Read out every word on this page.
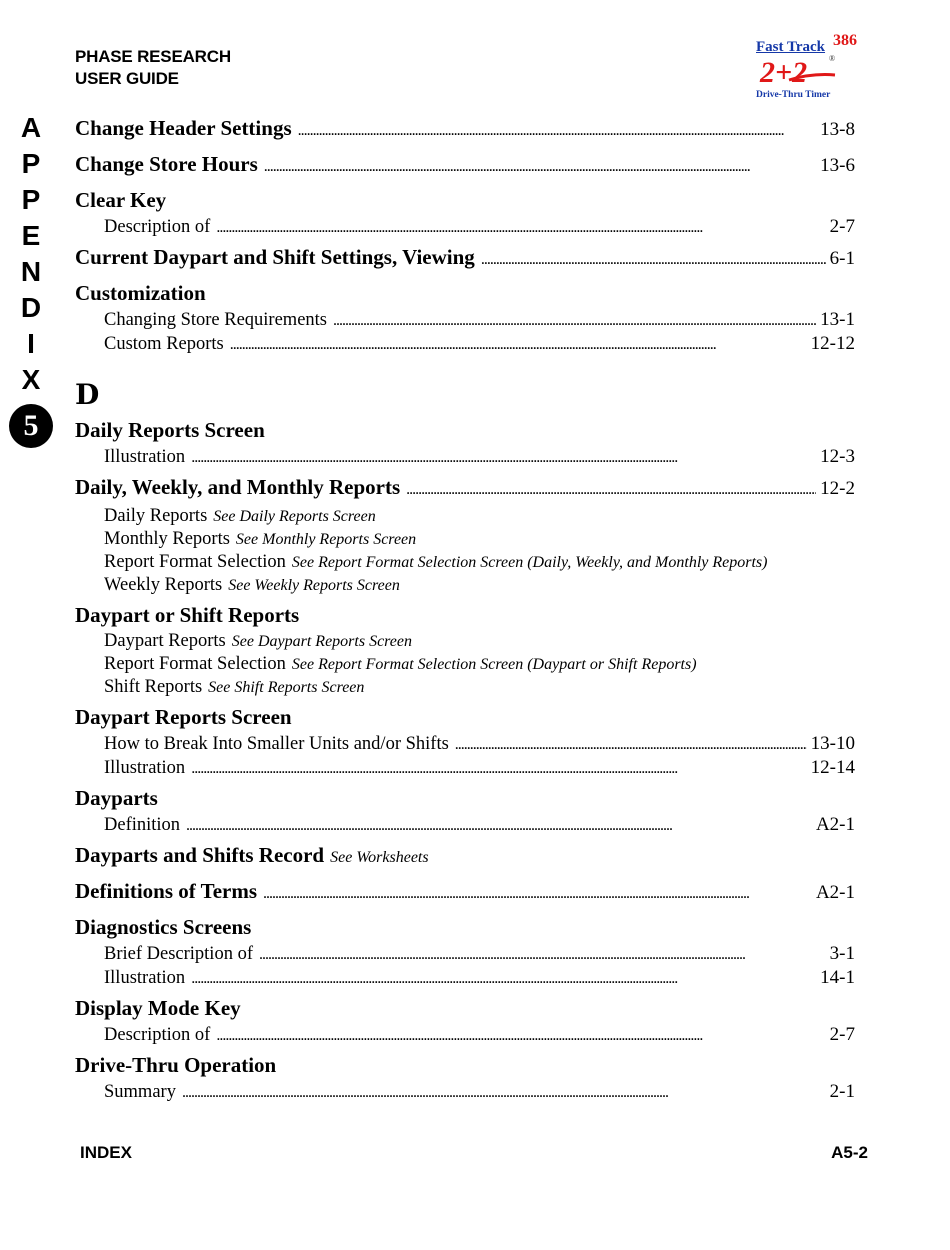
PHASE RESEARCH
USER GUIDE
Fast Track 386
®
2+2
Drive-Thru Timer
A
P
P
E
N
D
I
X
5
Change Header Settings . . .	13-8
Change Store Hours . . .	13-6
Clear Key
Description of . . .	2-7
Current Daypart and Shift Settings, Viewing . . .	6-1
Customization
Changing Store Requirements . . .	13-1
Custom Reports . . .	12-12
D
Daily Reports Screen
Illustration . . .	12-3
Daily, Weekly, and Monthly Reports . . .	12-2
Daily Reports See Daily Reports Screen
Monthly Reports See Monthly Reports Screen
Report Format Selection See Report Format Selection Screen (Daily, Weekly, and Monthly Reports)
Weekly Reports See Weekly Reports Screen
Daypart or Shift Reports
Daypart Reports See Daypart Reports Screen
Report Format Selection See Report Format Selection Screen (Daypart or Shift Reports)
Shift Reports See Shift Reports Screen
Daypart Reports Screen
How to Break Into Smaller Units and/or Shifts . . .	13-10
Illustration . . .	12-14
Dayparts
Definition . . .	A2-1
Dayparts and Shifts Record See Worksheets
Definitions of Terms . . .	A2-1
Diagnostics Screens
Brief Description of . . .	3-1
Illustration . . .	14-1
Display Mode Key
Description of . . .	2-7
Drive-Thru Operation
Summary . . .	2-1
INDEX	A5-2
